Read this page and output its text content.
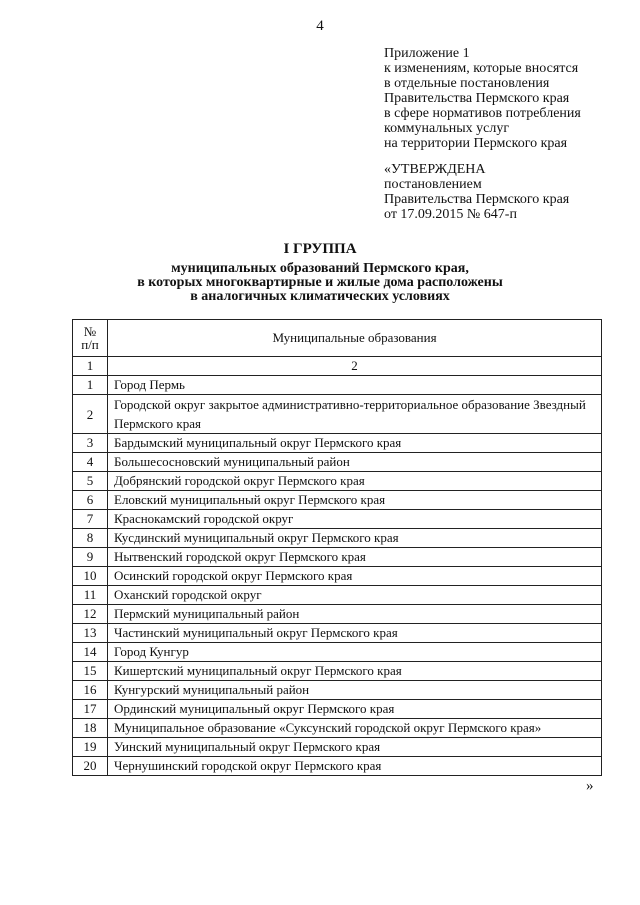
4
Приложение 1
к изменениям, которые вносятся
в отдельные постановления
Правительства Пермского края
в сфере нормативов потребления
коммунальных услуг
на территории Пермского края
«УТВЕРЖДЕНА
постановлением
Правительства Пермского края
от 17.09.2015 № 647-п
I ГРУППА
муниципальных образований Пермского края,
в которых многоквартирные и жилые дома расположены
в аналогичных климатических условиях
№
п/п	Муниципальные образования
1	2
1	Город Пермь
2	Городской округ закрытое административно-территориальное образование Звездный Пермского края
3	Бардымский муниципальный округ Пермского края
4	Большесосновский муниципальный район
5	Добрянский городской округ Пермского края
6	Еловский муниципальный округ Пермского края
7	Краснокамский городской округ
8	Кусдинский муниципальный округ Пермского края
9	Нытвенский городской округ Пермского края
10	Осинский городской округ Пермского края
11	Оханский городской округ
12	Пермский муниципальный район
13	Частинский муниципальный округ Пермского края
14	Город Кунгур
15	Кишертский муниципальный округ Пермского края
16	Кунгурский муниципальный район
17	Ординский муниципальный округ Пермского края
18	Муниципальное образование «Суксунский городской округ Пермского края»
19	Уинский муниципальный округ Пермского края
20	Чернушинский городской округ Пермского края
»
